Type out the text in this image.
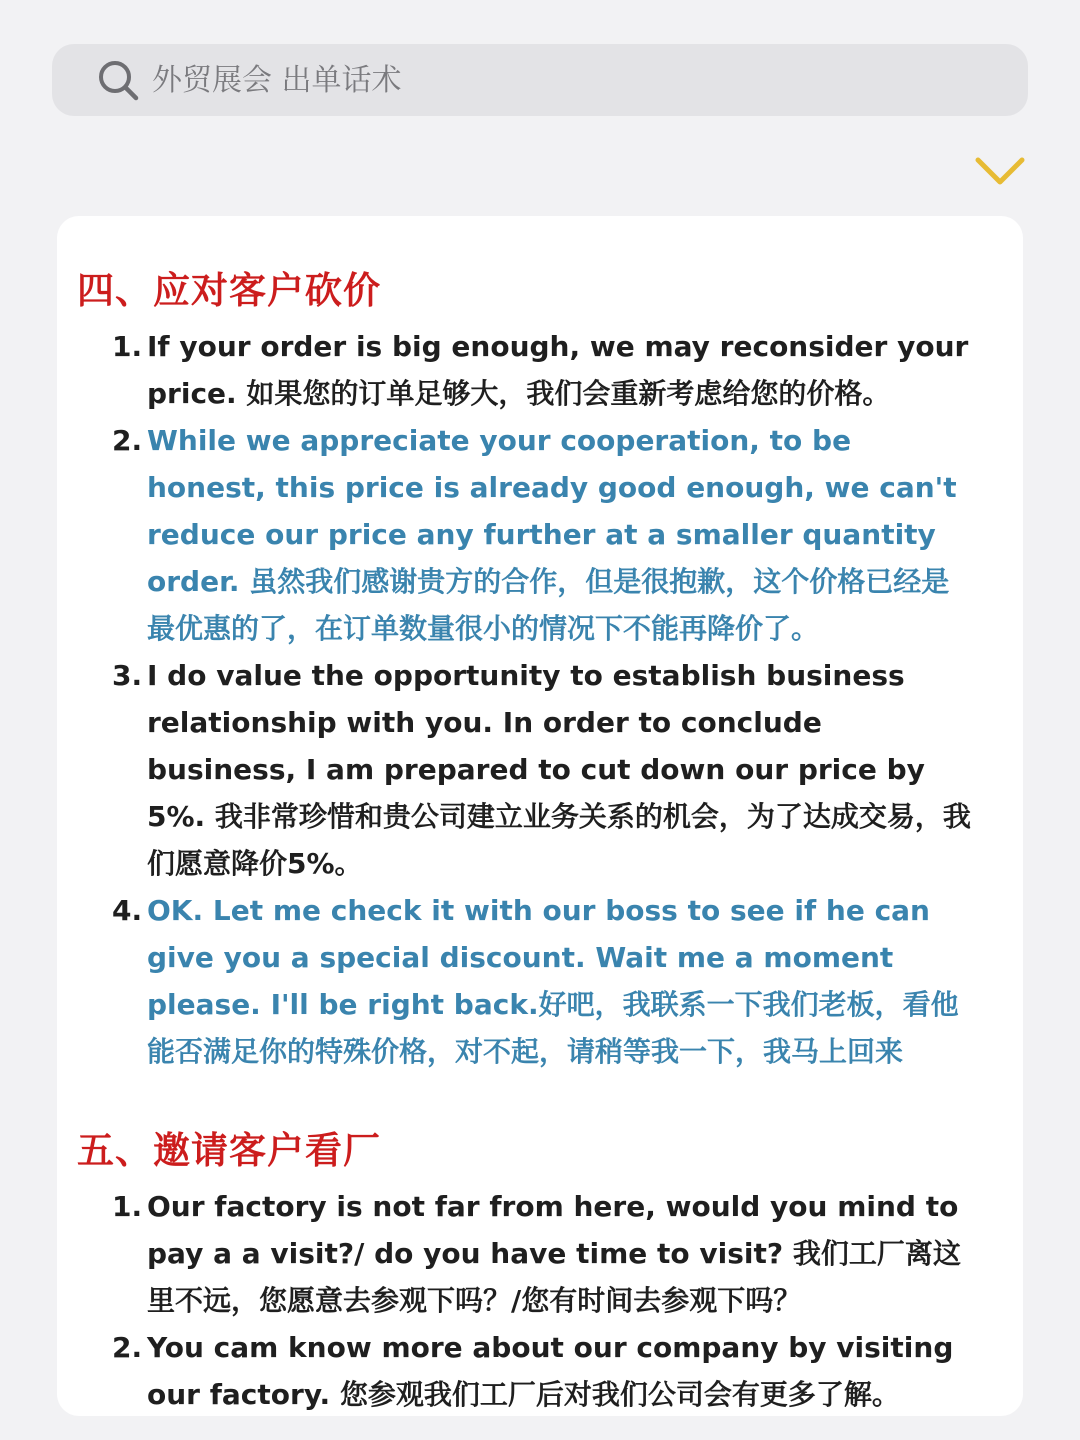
外贸展会 出单话术
四、应对客户砍价
1. If your order is big enough, we may reconsider your price. 如果您的订单足够大，我们会重新考虑给您的价格。
2. While we appreciate your cooperation, to be honest, this price is already good enough, we can't reduce our price any further at a smaller quantity order. 虽然我们感谢贵方的合作，但是很抱歉，这个价格已经是最优惠的了，在订单数量很小的情况下不能再降价了。
3. I do value the opportunity to establish business relationship with you. In order to conclude business, I am prepared to cut down our price by 5%. 我非常珍惜和贵公司建立业务关系的机会，为了达成交易，我们愿意降价5%。
4. OK. Let me check it with our boss to see if he can give you a special discount. Wait me a moment please. I'll be right back.好吧，我联系一下我们老板，看他能否满足你的特殊价格，对不起，请稍等我一下，我马上回来
五、邀请客户看厂
1. Our factory is not far from here, would you mind to pay a a visit?/ do you have time to visit? 我们工厂离这里不远，您愿意去参观下吗？/您有时间去参观下吗？
2. You cam know more about our company by visiting our factory. 您参观我们工厂后对我们公司会有更多了解。
